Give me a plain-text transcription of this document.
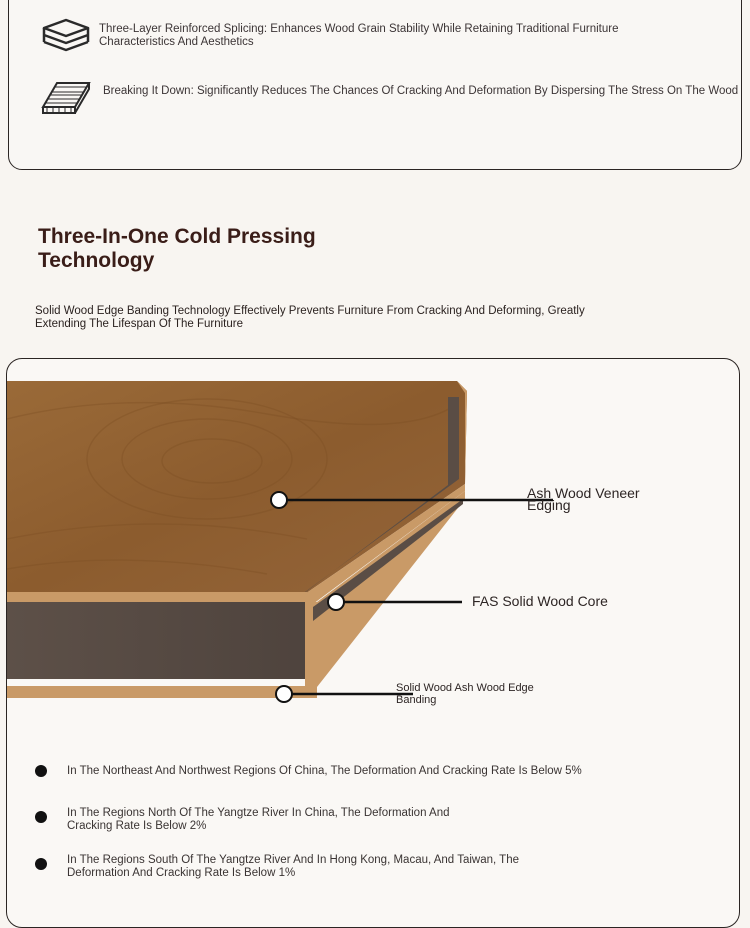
Three-Layer Reinforced Splicing: Enhances Wood Grain Stability While Retaining Traditional Furniture Characteristics And Aesthetics
Breaking It Down: Significantly Reduces The Chances Of Cracking And Deformation By Dispersing The Stress On The Wood
Three-In-One Cold Pressing Technology
Solid Wood Edge Banding Technology Effectively Prevents Furniture From Cracking And Deforming, Greatly Extending The Lifespan Of The Furniture
Ash Wood Veneer Edging
FAS Solid Wood Core
Solid Wood Ash Wood Edge Banding
In The Northeast And Northwest Regions Of China, The Deformation And Cracking Rate Is Below 5%
In The Regions North Of The Yangtze River In China, The Deformation And Cracking Rate Is Below 2%
In The Regions South Of The Yangtze River And In Hong Kong, Macau, And Taiwan, The Deformation And Cracking Rate Is Below 1%
